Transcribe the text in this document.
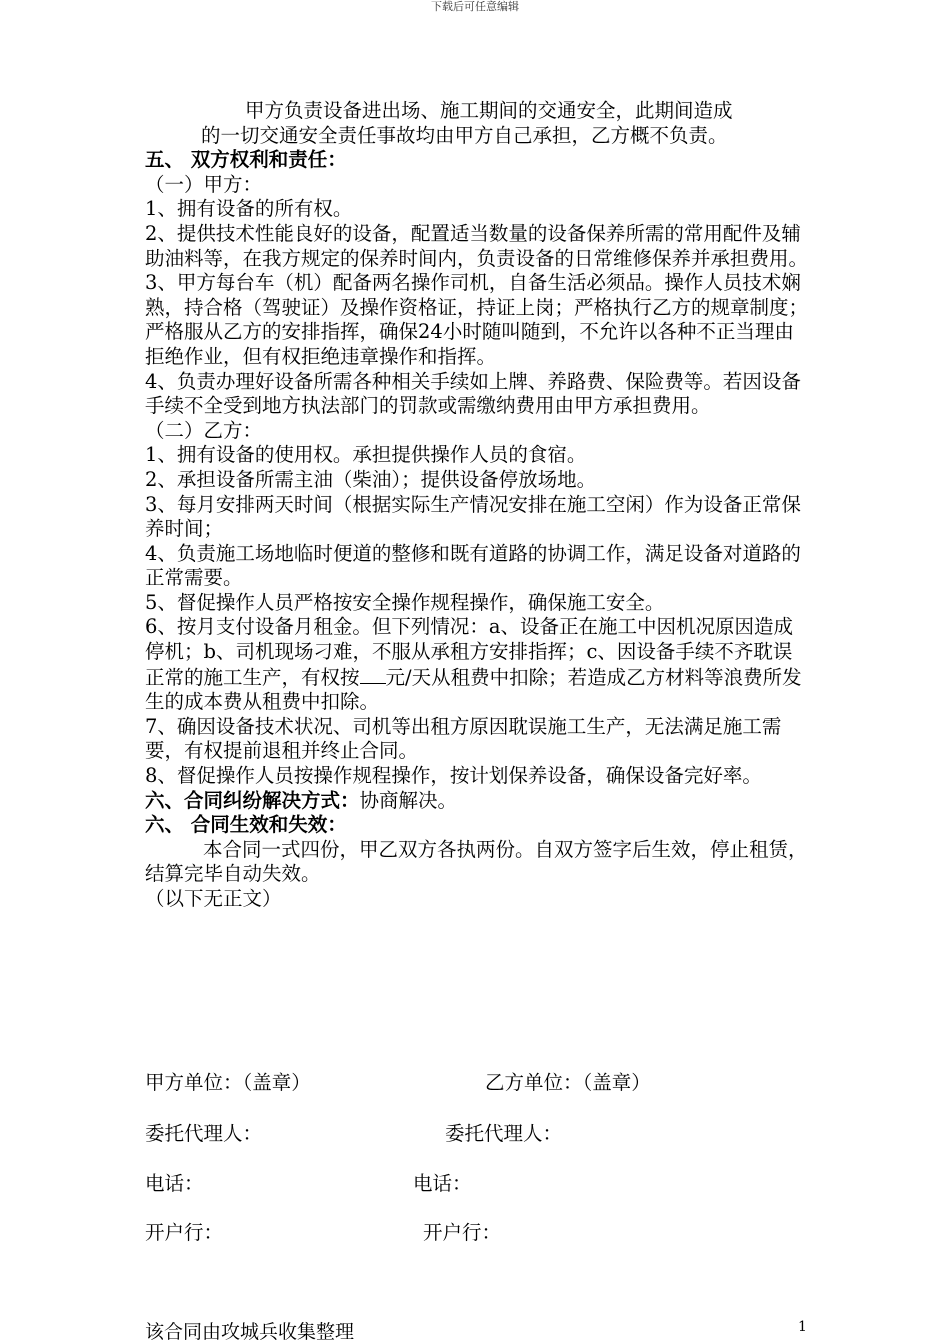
下载后可任意编辑

甲方负责设备进出场、施工期间的交通安全，此期间造成

的一切交通安全责任事故均由甲方自己承担，乙方概不负责。

五、 双方权利和责任：

（一）甲方：

1、拥有设备的所有权。

2、提供技术性能良好的设备，配置适当数量的设备保养所需的常用配件及辅助油料等，在我方规定的保养时间内，负责设备的日常维修保养并承担费用。

3、甲方每台车（机）配备两名操作司机，自备生活必须品。操作人员技术娴熟，持合格（驾驶证）及操作资格证，持证上岗；严格执行乙方的规章制度；严格服从乙方的安排指挥，确保24小时随叫随到，不允许以各种不正当理由拒绝作业，但有权拒绝违章操作和指挥。

4、负责办理好设备所需各种相关手续如上牌、养路费、保险费等。若因设备手续不全受到地方执法部门的罚款或需缴纳费用由甲方承担费用。

（二）乙方：

1、拥有设备的使用权。承担提供操作人员的食宿。

2、承担设备所需主油（柴油）；提供设备停放场地。

3、每月安排两天时间（根据实际生产情况安排在施工空闲）作为设备正常保养时间；

4、负责施工场地临时便道的整修和既有道路的协调工作，满足设备对道路的正常需要。

5、督促操作人员严格按安全操作规程操作，确保施工安全。

6、按月支付设备月租金。但下列情况：a、设备正在施工中因机况原因造成停机；b、司机现场刁难，不服从承租方安排指挥；c、因设备手续不齐耽误正常的施工生产，有权按 元/天从租费中扣除；若造成乙方材料等浪费所发生的成本费从租费中扣除。

7、确因设备技术状况、司机等出租方原因耽误施工生产，无法满足施工需要，有权提前退租并终止合同。

8、督促操作人员按操作规程操作，按计划保养设备，确保设备完好率。

六、合同纠纷解决方式：协商解决。

六、 合同生效和失效：

本合同一式四份，甲乙双方各执两份。自双方签字后生效，停止租赁，结算完毕自动失效。

（以下无正文）

甲方单位：（盖章）	乙方单位：（盖章）
委托代理人：	委托代理人：
电话：	电话：
开户行：	开户行：
该合同由攻城兵收集整理	1
